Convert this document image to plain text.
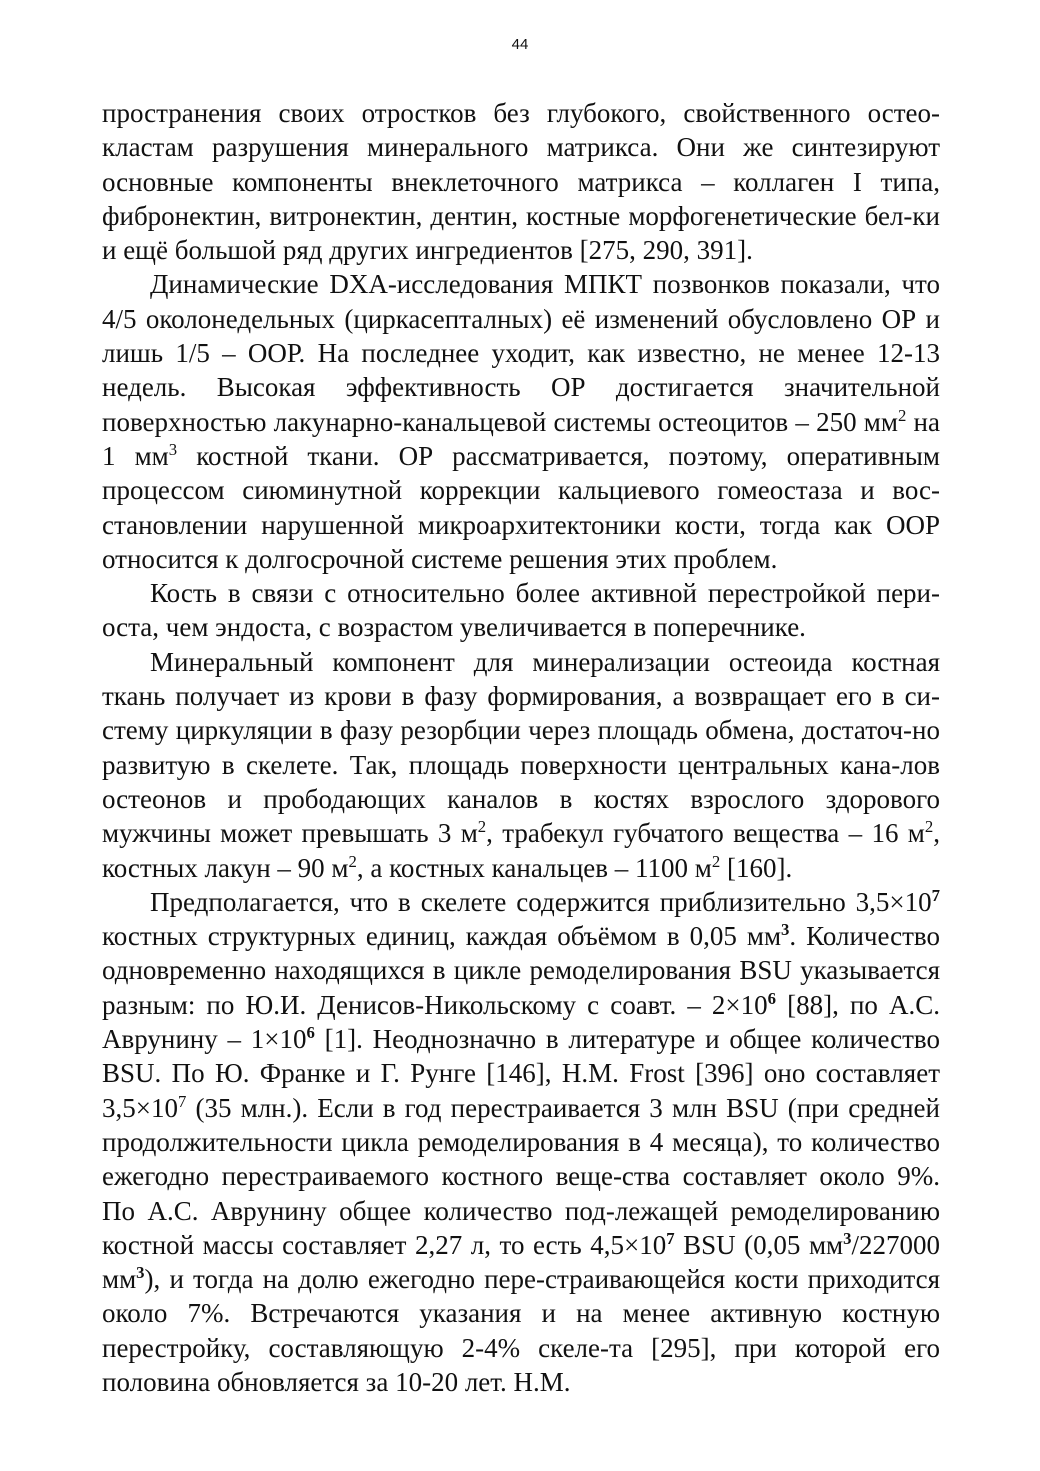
44

пространения своих отростков без глубокого, свойственного остео-кластам разрушения минерального матрикса. Они же синтезируют основные компоненты внеклеточного матрикса – коллаген I типа, фибронектин, витронектин, дентин, костные морфогенетические бел-ки и ещё большой ряд других ингредиентов [275, 290, 391].

Динамические DXA-исследования МПКТ позвонков показали, что 4/5 околонедельных (циркасепталных) её изменений обусловлено ОР и лишь 1/5 – ООР. На последнее уходит, как известно, не менее 12-13 недель. Высокая эффективность ОР достигается значительной поверхностью лакунарно-канальцевой системы остеоцитов – 250 $мм^2$ на 1 $мм^3$ костной ткани. ОР рассматривается, поэтому, оперативным процессом сиюминутной коррекции кальциевого гомеостаза и вос-становлении нарушенной микроархитектоники кости, тогда как ООР относится к долгосрочной системе решения этих проблем.

Кость в связи с относительно более активной перестройкой пери-оста, чем эндоста, с возрастом увеличивается в поперечнике.

Минеральный компонент для минерализации остеоида костная ткань получает из крови в фазу формирования, а возвращает его в си-стему циркуляции в фазу резорбции через площадь обмена, достаточ-но развитую в скелете. Так, площадь поверхности центральных кана-лов остеонов и прободающих каналов в костях взрослого здорового мужчины может превышать 3 $м^2$, трабекул губчатого вещества – 16 $м^2$, костных лакун – 90 $м^2$, а костных канальцев – 1100 $м^2$ [160].

Предполагается, что в скелете содержится приблизительно $3,5\times 10^7$ костных структурных единиц, каждая объёмом в 0,05 $мм^3$. Количество одновременно находящихся в цикле ремоделирования BSU указывается разным: по Ю.И. Денисов-Никольскому с соавт. – $2\times 10^6$ [88], по А.С. Аврунину – $1\times 10^6$ [1]. Неоднозначно в литературе и общее количество BSU. По Ю. Франке и Г. Рунге [146], H.M. Frost [396] оно составляет $3,5\times 10^7$ (35 млн.). Если в год перестраивается 3 млн BSU (при средней продолжительности цикла ремоделирования в 4 месяца), то количество ежегодно перестраиваемого костного веще-ства составляет около 9%. По А.С. Аврунину общее количество под-лежащей ремоделированию костной массы составляет 2,27 л, то есть $4,5\times 10^7$ BSU (0,05 $мм^3/227000$ $мм^3$), и тогда на долю ежегодно пере-страивающейся кости приходится около 7%. Встречаются указания и на менее активную костную перестройку, составляющую 2-4% скеле-та [295], при которой его половина обновляется за 10-20 лет. H.M.
